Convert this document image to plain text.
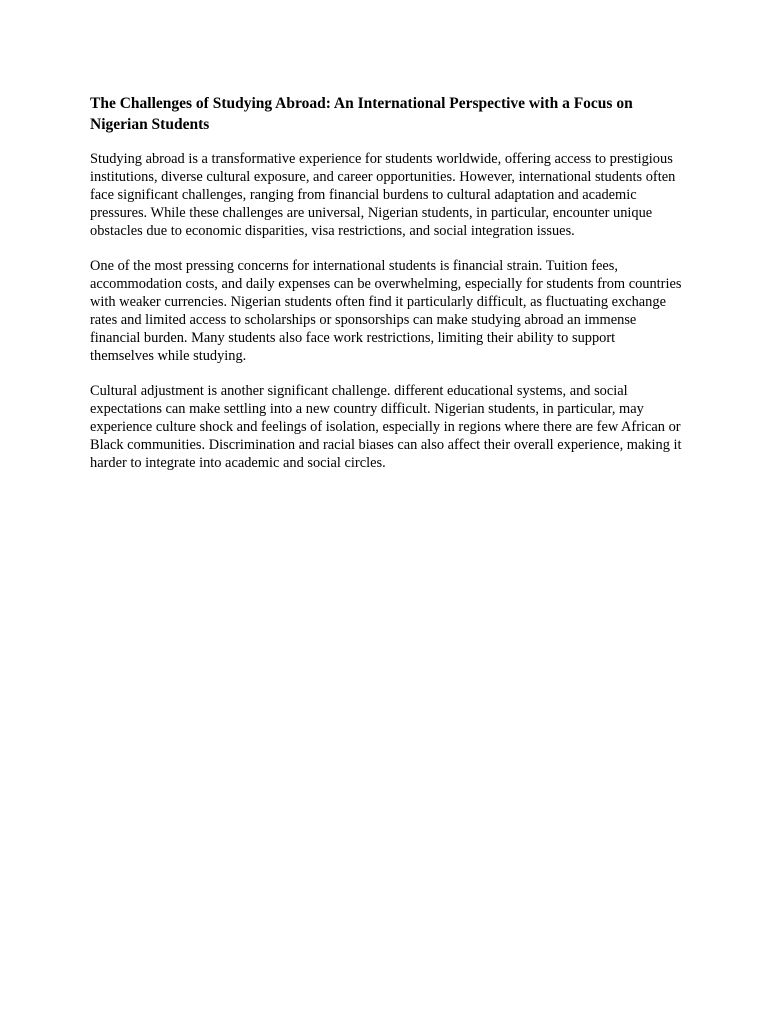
The Challenges of Studying Abroad: An International Perspective with a Focus on Nigerian Students

Studying abroad is a transformative experience for students worldwide, offering access to prestigious institutions, diverse cultural exposure, and career opportunities. However, international students often face significant challenges, ranging from financial burdens to cultural adaptation and academic pressures. While these challenges are universal, Nigerian students, in particular, encounter unique obstacles due to economic disparities, visa restrictions, and social integration issues.

One of the most pressing concerns for international students is financial strain. Tuition fees, accommodation costs, and daily expenses can be overwhelming, especially for students from countries with weaker currencies. Nigerian students often find it particularly difficult, as fluctuating exchange rates and limited access to scholarships or sponsorships can make studying abroad an immense financial burden. Many students also face work restrictions, limiting their ability to support themselves while studying.

Cultural adjustment is another significant challenge. different educational systems, and social expectations can make settling into a new country difficult. Nigerian students, in particular, may experience culture shock and feelings of isolation, especially in regions where there are few African or Black communities. Discrimination and racial biases can also affect their overall experience, making it harder to integrate into academic and social circles.
